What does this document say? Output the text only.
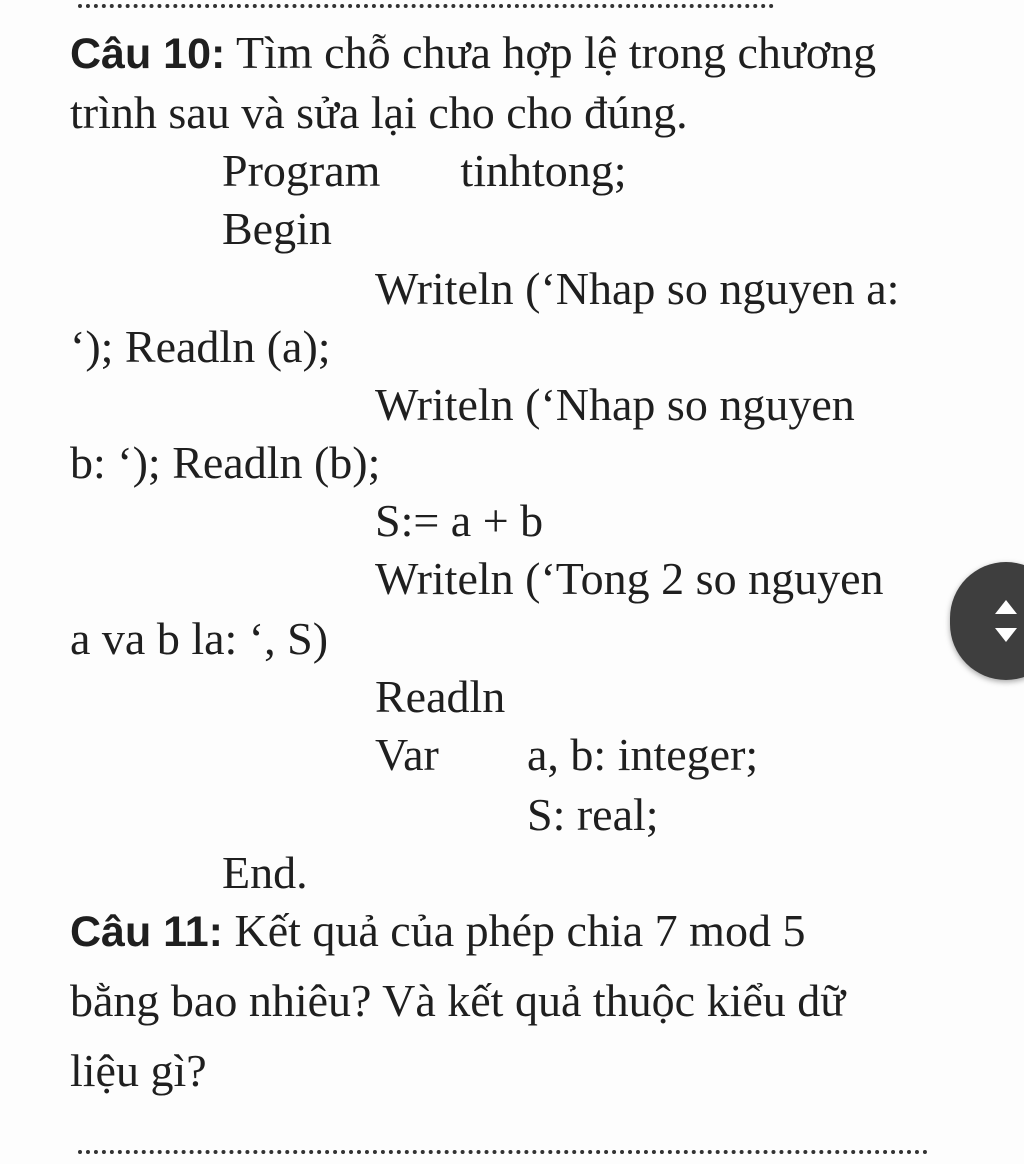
Câu 10: Tìm chỗ chưa hợp lệ trong chương
trình sau và sửa lại cho cho đúng.
Program tinhtong;
Begin
Writeln (‘Nhap so nguyen a:
‘); Readln (a);
Writeln (‘Nhap so nguyen
b: ‘); Readln (b);
S:= a + b
Writeln (‘Tong 2 so nguyen
a va b la: ‘, S)
Readln
Var a, b: integer;
S: real;
End.
Câu 11: Kết quả của phép chia 7 mod 5
bằng bao nhiêu? Và kết quả thuộc kiểu dữ
liệu gì?
